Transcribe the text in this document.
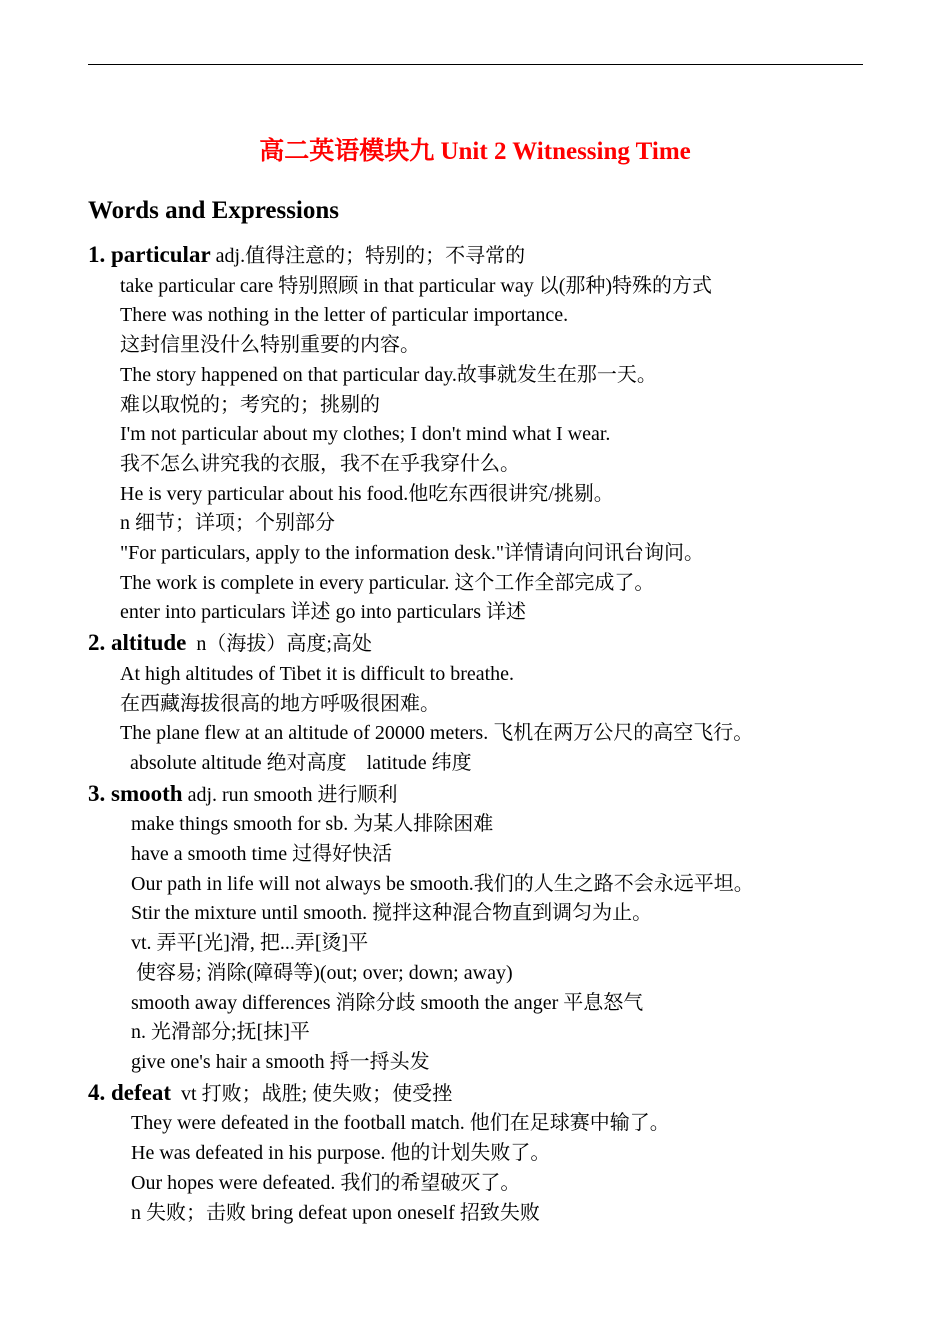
高二英语模块九 Unit 2 Witnessing Time
Words and Expressions
1. particular adj.值得注意的；特别的；不寻常的
take particular care 特别照顾 in that particular way 以(那种)特殊的方式
There was nothing in the letter of particular importance.
这封信里没什么特别重要的内容。
The story happened on that particular day.故事就发生在那一天。
难以取悦的；考究的；挑剔的
I'm not particular about my clothes; I don't mind what I wear.
我不怎么讲究我的衣服，我不在乎我穿什么。
He is very particular about his food.他吃东西很讲究/挑剔。
n 细节；详项；个别部分
"For particulars, apply to the information desk."详情请向问讯台询问。
The work is complete in every particular. 这个工作全部完成了。
enter into particulars 详述 go into particulars 详述
2. altitude  n（海拔）高度;高处
At high altitudes of Tibet it is difficult to breathe.
在西藏海拔很高的地方呼吸很困难。
The plane flew at an altitude of 20000 meters. 飞机在两万公尺的高空飞行。
absolute altitude 绝对高度    latitude 纬度
3. smooth adj. run smooth 进行顺利
make things smooth for sb. 为某人排除困难
have a smooth time 过得好快活
Our path in life will not always be smooth.我们的人生之路不会永远平坦。
Stir the mixture until smooth. 搅拌这种混合物直到调匀为止。
vt. 弄平[光]滑, 把...弄[烫]平
使容易; 消除(障碍等)(out; over; down; away)
smooth away differences 消除分歧 smooth the anger 平息怒气
n. 光滑部分;抚[抹]平
give one's hair a smooth 捋一捋头发
4. defeat  vt 打败；战胜; 使失败；使受挫
They were defeated in the football match. 他们在足球赛中输了。
He was defeated in his purpose. 他的计划失败了。
Our hopes were defeated. 我们的希望破灭了。
n 失败；击败 bring defeat upon oneself 招致失败
